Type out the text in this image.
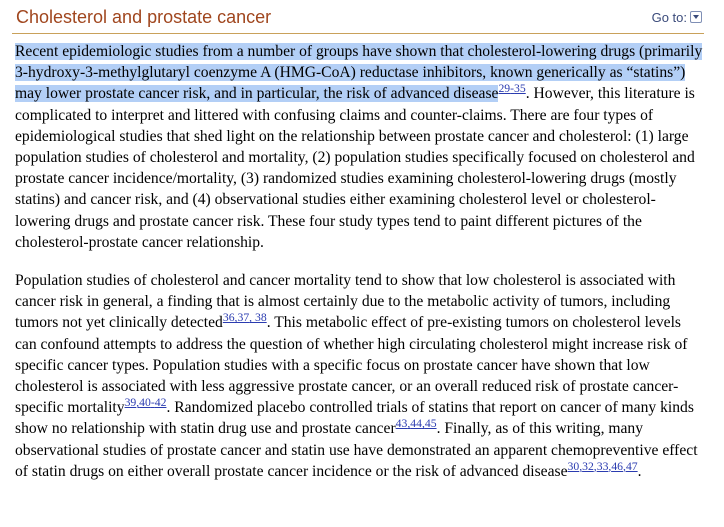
Cholesterol and prostate cancer	Go to:

Recent epidemiologic studies from a number of groups have shown that cholesterol-lowering drugs (primarily 3-hydroxy-3-methylglutaryl coenzyme A (HMG-CoA) reductase inhibitors, known generically as “statins”) may lower prostate cancer risk, and in particular, the risk of advanced disease$^{29-35}$. However, this literature is complicated to interpret and littered with confusing claims and counter-claims. There are four types of epidemiological studies that shed light on the relationship between prostate cancer and cholesterol: (1) large population studies of cholesterol and mortality, (2) population studies specifically focused on cholesterol and prostate cancer incidence/mortality, (3) randomized studies examining cholesterol-lowering drugs (mostly statins) and cancer risk, and (4) observational studies either examining cholesterol level or cholesterol-lowering drugs and prostate cancer risk. These four study types tend to paint different pictures of the cholesterol-prostate cancer relationship.

Population studies of cholesterol and cancer mortality tend to show that low cholesterol is associated with cancer risk in general, a finding that is almost certainly due to the metabolic activity of tumors, including tumors not yet clinically detected$^{36,37,}$ $^{38}$. This metabolic effect of pre-existing tumors on cholesterol levels can confound attempts to address the question of whether high circulating cholesterol might increase risk of specific cancer types. Population studies with a specific focus on prostate cancer have shown that low cholesterol is associated with less aggressive prostate cancer, or an overall reduced risk of prostate cancer-specific mortality$^{39,40-42}$. Randomized placebo controlled trials of statins that report on cancer of many kinds show no relationship with statin drug use and prostate cancer$^{43,44,45}$. Finally, as of this writing, many observational studies of prostate cancer and statin use have demonstrated an apparent chemopreventive effect of statin drugs on either overall prostate cancer incidence or the risk of advanced disease$^{30,32,33,46,47}$.
